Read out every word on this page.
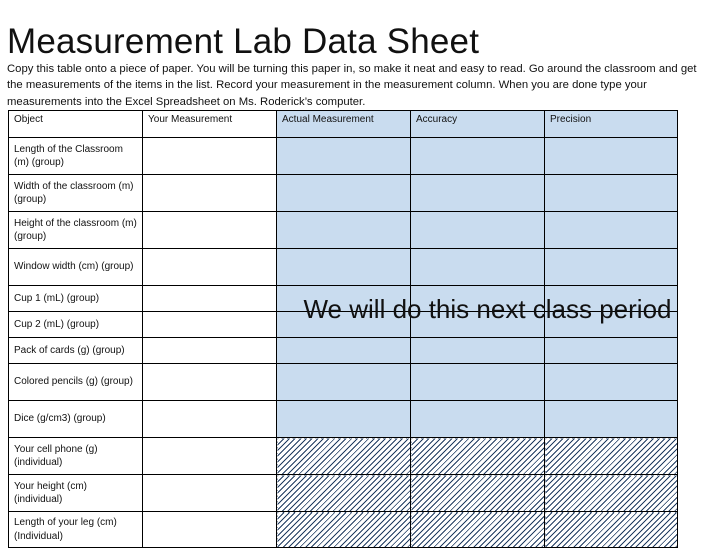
Measurement Lab Data Sheet
Copy this table onto a piece of paper. You will be turning this paper in, so make it neat and easy to read. Go around the classroom and get the measurements of the items in the list. Record your measurement in the measurement column. When you are done type your measurements into the Excel Spreadsheet on Ms. Roderick’s computer.
Object	Your Measurement	Actual Measurement	Accuracy	Precision
Length of the Classroom (m) (group)				
Width of the classroom (m) (group)				
Height of the classroom (m) (group)				
Window width (cm) (group)				
Cup 1 (mL) (group)				
Cup 2 (mL) (group)				
Pack of cards (g) (group)				
Colored pencils (g) (group)				
Dice (g/cm3) (group)				
Your cell phone (g) (individual)				
Your height (cm) (individual)				
Length of your leg (cm) (Individual)				
We will do this next class period
